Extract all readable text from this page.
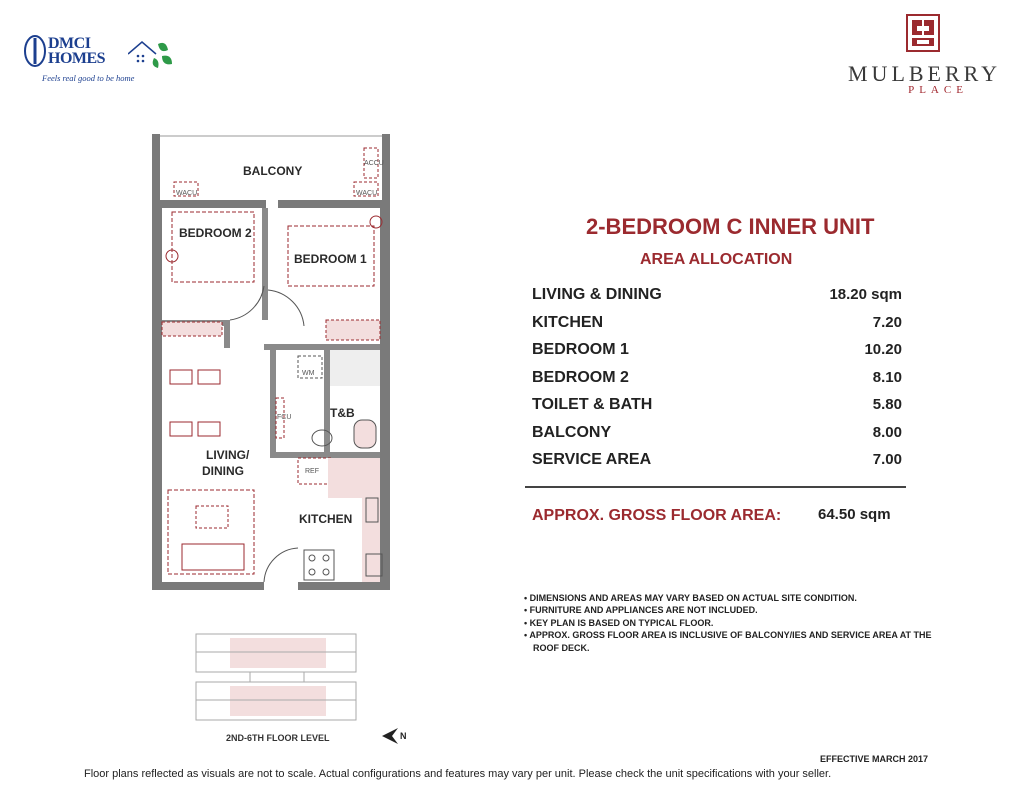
DMCI
HOMES
Feels real good to be home	MULBERRY
PLACE
BALCONY
BEDROOM 2
BEDROOM 1
LIVING/
DINING
T&B
KITCHEN
WACU	WACU
ACCU
WM
FCU
REF
2ND-6TH FLOOR LEVEL	N
2-BEDROOM C INNER UNIT
AREA ALLOCATION
LIVING & DINING	18.20 sqm
KITCHEN	7.20
BEDROOM 1	10.20
BEDROOM 2	8.10
TOILET & BATH	5.80
BALCONY	8.00
SERVICE AREA	7.00
APPROX. GROSS FLOOR AREA: 64.50 sqm
• DIMENSIONS AND AREAS MAY VARY BASED ON ACTUAL SITE CONDITION.
• FURNITURE AND APPLIANCES ARE NOT INCLUDED.
• KEY PLAN IS BASED ON TYPICAL FLOOR.
• APPROX. GROSS FLOOR AREA IS INCLUSIVE OF BALCONY/IES AND SERVICE AREA AT THE ROOF DECK.
EFFECTIVE MARCH 2017
Floor plans reflected as visuals are not to scale. Actual configurations and features may vary per unit. Please check the unit specifications with your seller.
